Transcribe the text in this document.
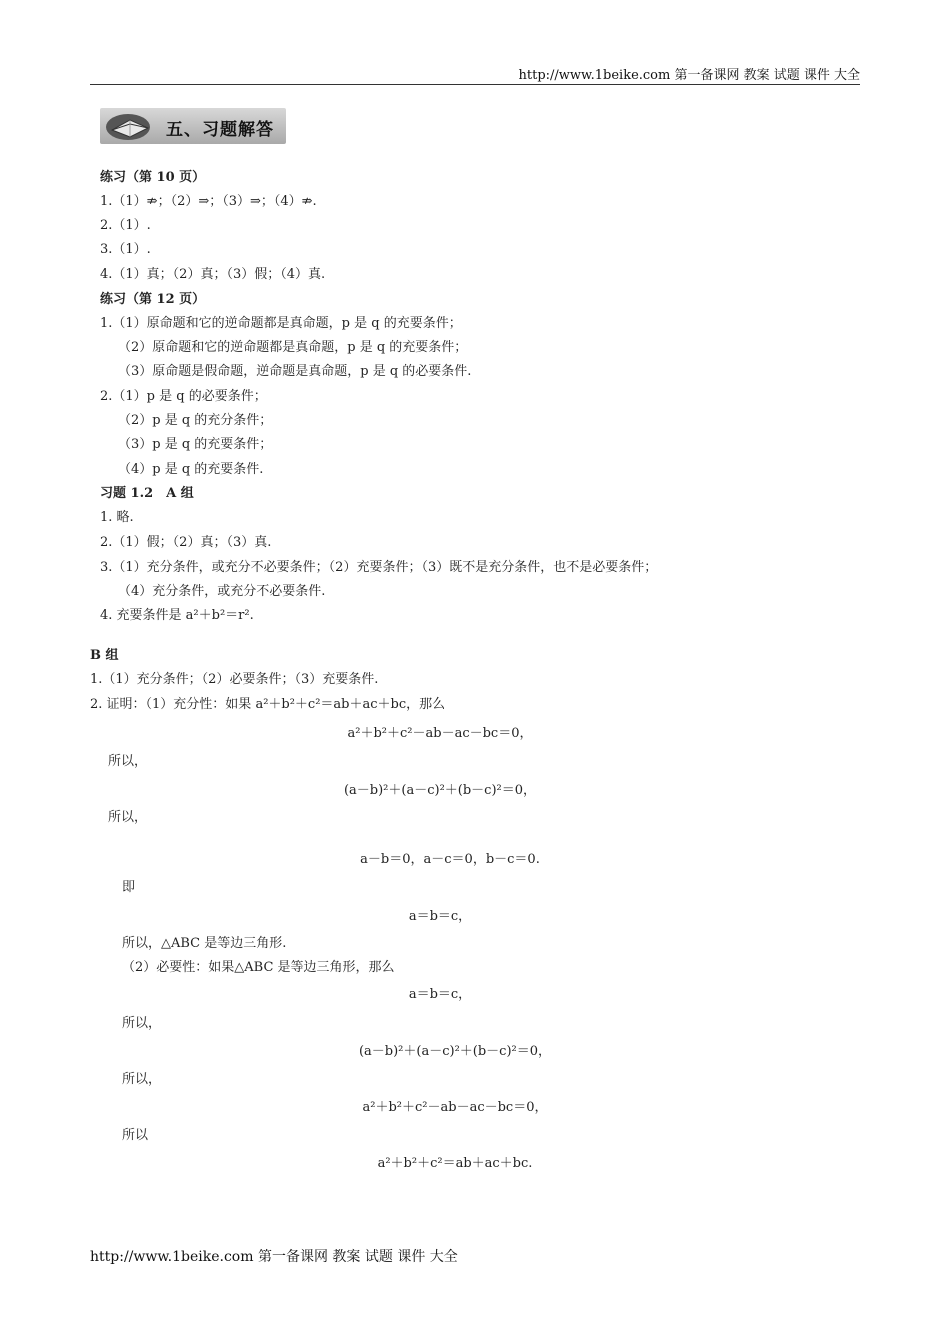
http://www.1beike.com 第一备课网 教案 试题 课件 大全
五、习题解答
练习（第 10 页）
1.（1）⇏；（2）⇒；（3）⇒；（4）⇏.
2.（1）.
3.（1）.
4.（1）真；（2）真；（3）假；（4）真.
练习（第 12 页）
1.（1）原命题和它的逆命题都是真命题，p 是 q 的充要条件；
（2）原命题和它的逆命题都是真命题，p 是 q 的充要条件；
（3）原命题是假命题，逆命题是真命题，p 是 q 的必要条件.
2.（1）p 是 q 的必要条件；
（2）p 是 q 的充分条件；
（3）p 是 q 的充要条件；
（4）p 是 q 的充要条件.
习题 1.2　A 组
1. 略.
2.（1）假；（2）真；（3）真.
3.（1）充分条件，或充分不必要条件；（2）充要条件；（3）既不是充分条件，也不是必要条件；
（4）充分条件，或充分不必要条件.
4. 充要条件是 a²＋b²＝r².
B 组
1.（1）充分条件；（2）必要条件；（3）充要条件.
2. 证明：（1）充分性：如果 a²＋b²＋c²＝ab＋ac＋bc，那么
a²＋b²＋c²－ab－ac－bc＝0，
所以，
(a－b)²＋(a－c)²＋(b－c)²＝0，
所以，
a－b＝0，a－c＝0，b－c＝0.
即
a＝b＝c，
所以，△ABC 是等边三角形.
（2）必要性：如果△ABC 是等边三角形，那么
a＝b＝c，
所以，
(a－b)²＋(a－c)²＋(b－c)²＝0，
所以，
a²＋b²＋c²－ab－ac－bc＝0，
所以
a²＋b²＋c²＝ab＋ac＋bc.
http://www.1beike.com 第一备课网 教案 试题 课件 大全
